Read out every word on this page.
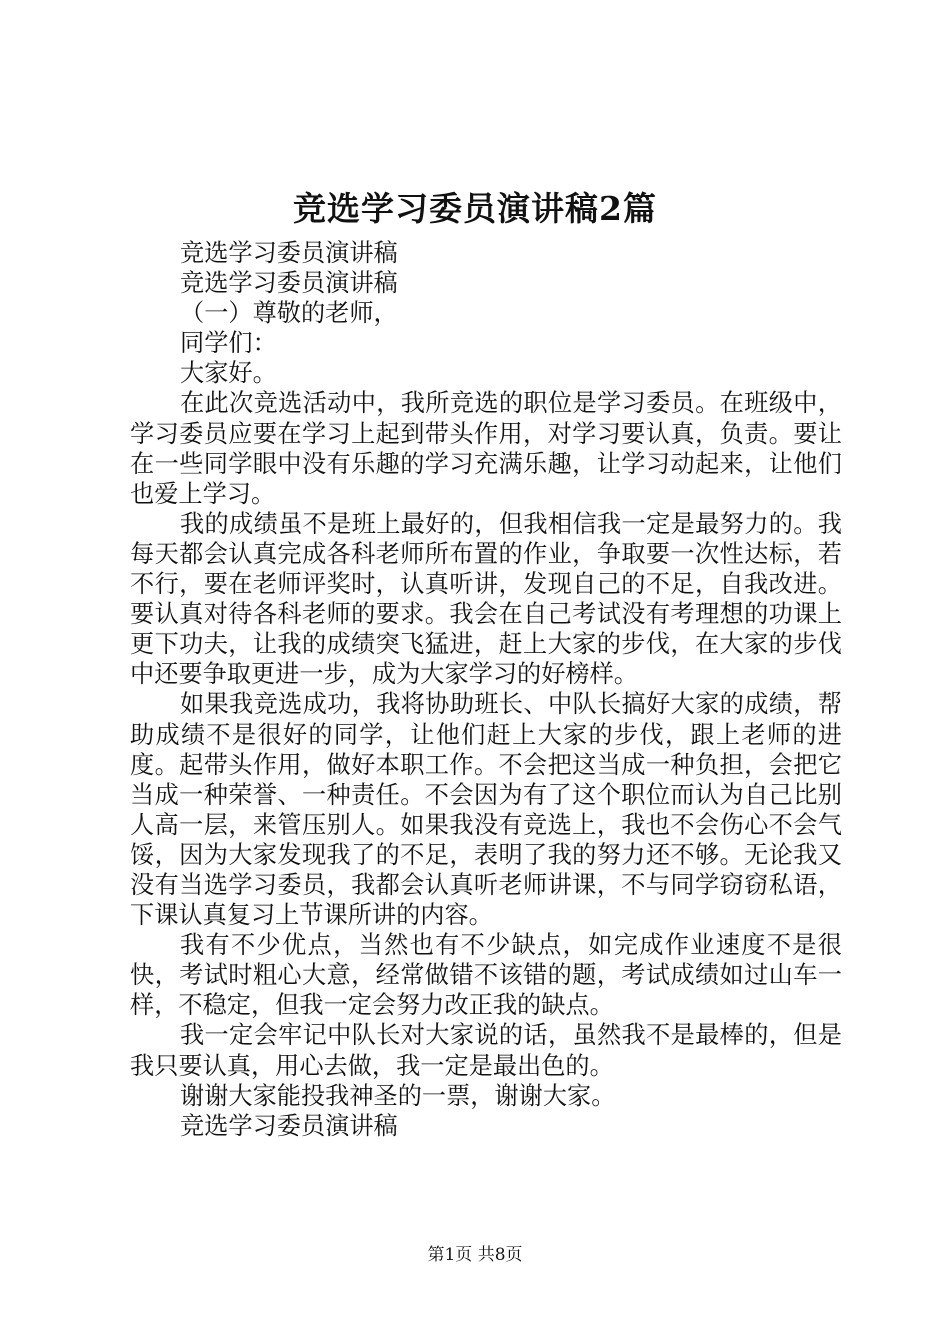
竞选学习委员演讲稿2篇

竞选学习委员演讲稿

竞选学习委员演讲稿

（一）尊敬的老师，

同学们：

大家好。

在此次竞选活动中，我所竞选的职位是学习委员。在班级中，学习委员应要在学习上起到带头作用，对学习要认真，负责。要让在一些同学眼中没有乐趣的学习充满乐趣，让学习动起来，让他们也爱上学习。

我的成绩虽不是班上最好的，但我相信我一定是最努力的。我每天都会认真完成各科老师所布置的作业，争取要一次性达标，若不行，要在老师评奖时，认真听讲，发现自己的不足，自我改进。要认真对待各科老师的要求。我会在自己考试没有考理想的功课上更下功夫，让我的成绩突飞猛进，赶上大家的步伐，在大家的步伐中还要争取更进一步，成为大家学习的好榜样。

如果我竞选成功，我将协助班长、中队长搞好大家的成绩，帮助成绩不是很好的同学，让他们赶上大家的步伐，跟上老师的进度。起带头作用，做好本职工作。不会把这当成一种负担，会把它当成一种荣誉、一种责任。不会因为有了这个职位而认为自己比别人高一层，来管压别人。如果我没有竞选上，我也不会伤心不会气馁，因为大家发现我了的不足，表明了我的努力还不够。无论我又没有当选学习委员，我都会认真听老师讲课，不与同学窃窃私语，下课认真复习上节课所讲的内容。

我有不少优点，当然也有不少缺点，如完成作业速度不是很快，考试时粗心大意，经常做错不该错的题，考试成绩如过山车一样，不稳定，但我一定会努力改正我的缺点。

我一定会牢记中队长对大家说的话，虽然我不是最棒的，但是我只要认真，用心去做，我一定是最出色的。

谢谢大家能投我神圣的一票，谢谢大家。

竞选学习委员演讲稿

第1页 共8页
